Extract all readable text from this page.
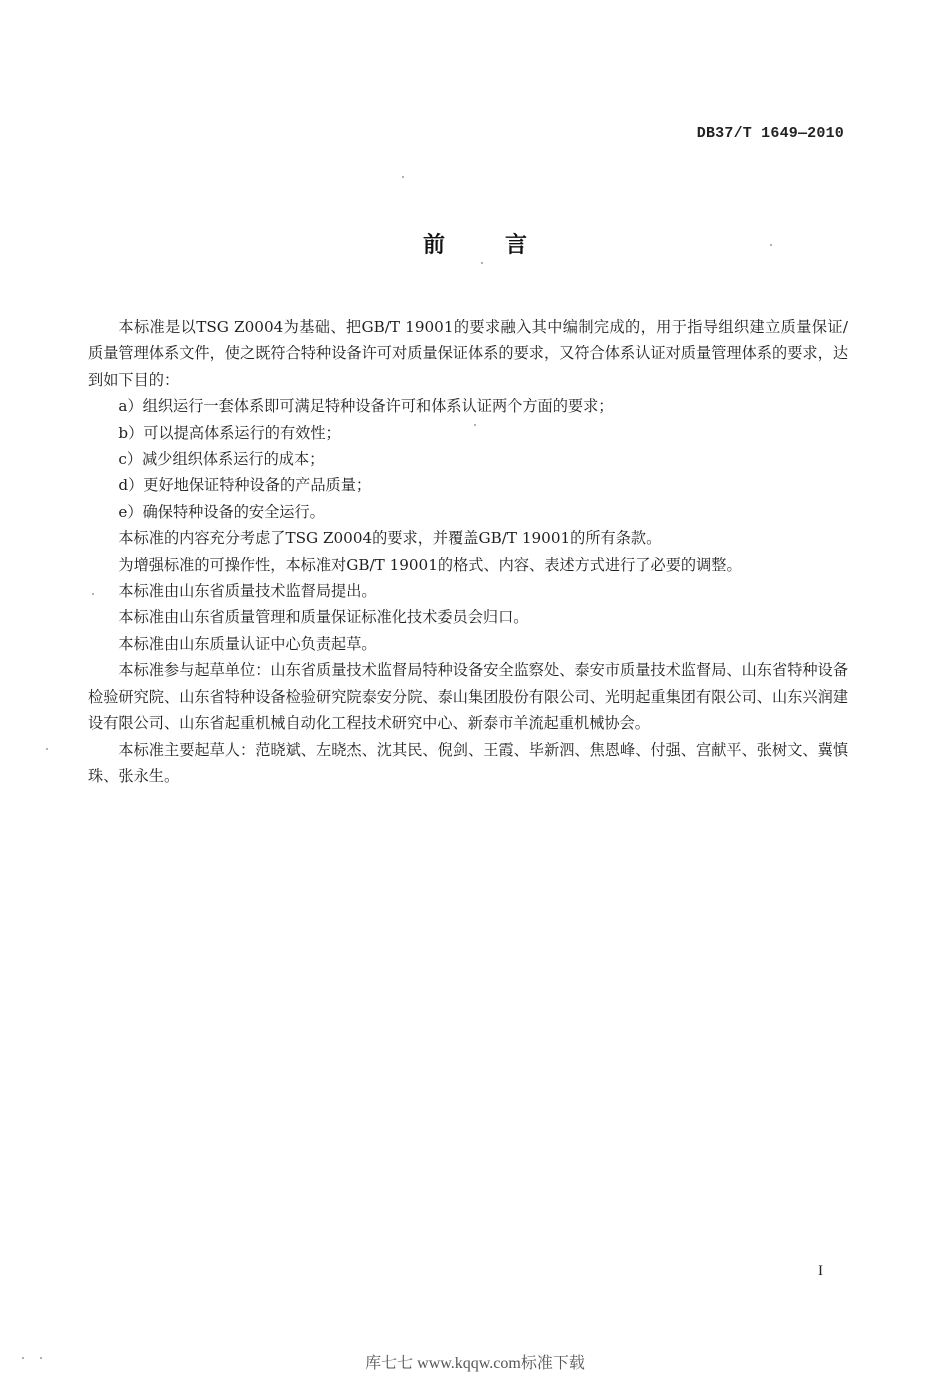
DB37/T 1649—2010
前	言

本标准是以TSG Z0004为基础、把GB/T 19001的要求融入其中编制完成的，用于指导组织建立质量保证/质量管理体系文件，使之既符合特种设备许可对质量保证体系的要求，又符合体系认证对质量管理体系的要求，达到如下目的：

a）组织运行一套体系即可满足特种设备许可和体系认证两个方面的要求；

b）可以提高体系运行的有效性；

c）减少组织体系运行的成本；

d）更好地保证特种设备的产品质量；

e）确保特种设备的安全运行。

本标准的内容充分考虑了TSG Z0004的要求，并覆盖GB/T 19001的所有条款。

为增强标准的可操作性，本标准对GB/T 19001的格式、内容、表述方式进行了必要的调整。

本标准由山东省质量技术监督局提出。

本标准由山东省质量管理和质量保证标准化技术委员会归口。

本标准由山东质量认证中心负责起草。

本标准参与起草单位：山东省质量技术监督局特种设备安全监察处、泰安市质量技术监督局、山东省特种设备检验研究院、山东省特种设备检验研究院泰安分院、泰山集团股份有限公司、光明起重集团有限公司、山东兴润建设有限公司、山东省起重机械自动化工程技术研究中心、新泰市羊流起重机械协会。

本标准主要起草人：范晓斌、左晓杰、沈其民、倪剑、王霞、毕新泗、焦恩峰、付强、宫献平、张树文、冀慎珠、张永生。

I
库七七 www.kqqw.com标准下载
